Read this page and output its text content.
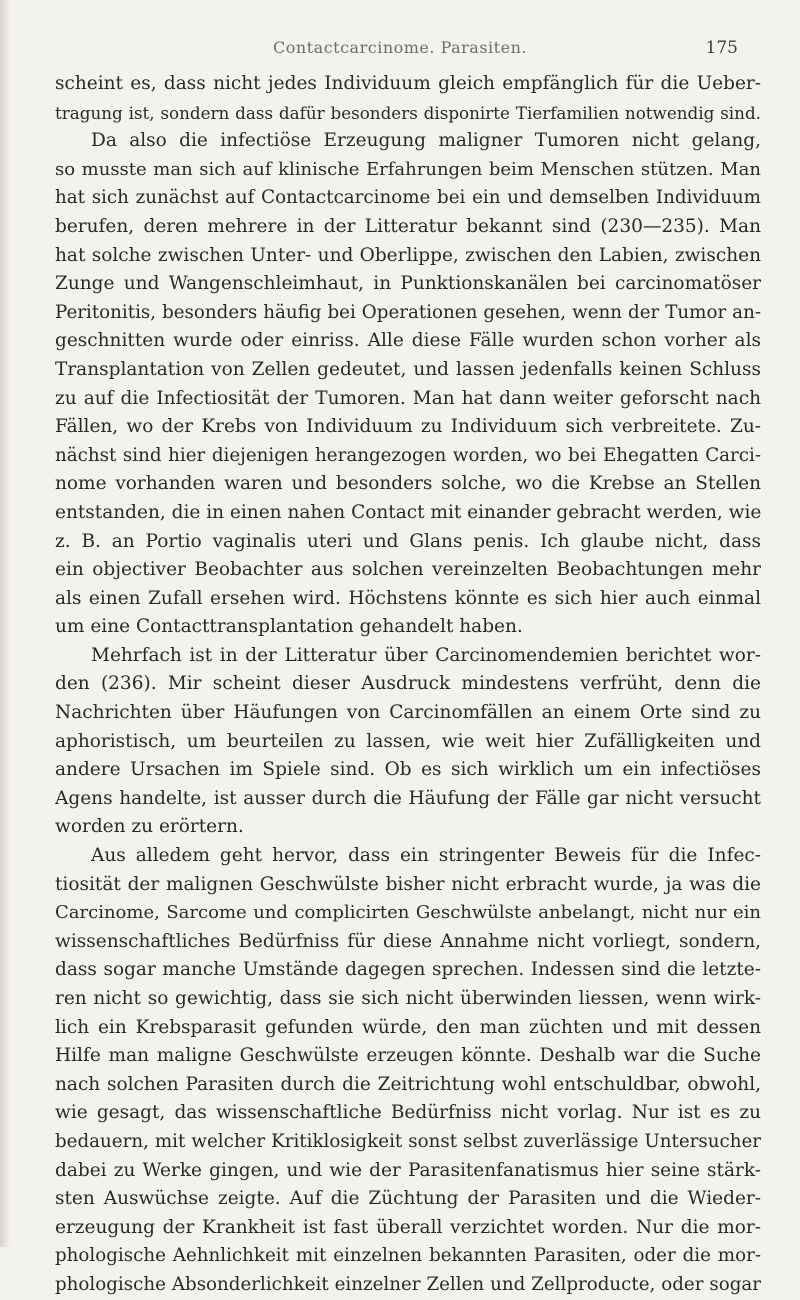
Contactcarcinome. Parasiten.	175
scheint es, dass nicht jedes Individuum gleich empfänglich für die Ueber-
tragung ist, sondern dass dafür besonders disponirte Tierfamilien notwendig sind.
Da also die infectiöse Erzeugung maligner Tumoren nicht gelang,
so musste man sich auf klinische Erfahrungen beim Menschen stützen. Man
hat sich zunächst auf Contactcarcinome bei ein und demselben Individuum
berufen, deren mehrere in der Litteratur bekannt sind (230—235). Man
hat solche zwischen Unter- und Oberlippe, zwischen den Labien, zwischen
Zunge und Wangenschleimhaut, in Punktionskanälen bei carcinomatöser
Peritonitis, besonders häufig bei Operationen gesehen, wenn der Tumor an-
geschnitten wurde oder einriss. Alle diese Fälle wurden schon vorher als
Transplantation von Zellen gedeutet, und lassen jedenfalls keinen Schluss
zu auf die Infectiosität der Tumoren. Man hat dann weiter geforscht nach
Fällen, wo der Krebs von Individuum zu Individuum sich verbreitete. Zu-
nächst sind hier diejenigen herangezogen worden, wo bei Ehegatten Carci-
nome vorhanden waren und besonders solche, wo die Krebse an Stellen
entstanden, die in einen nahen Contact mit einander gebracht werden, wie
z. B. an Portio vaginalis uteri und Glans penis. Ich glaube nicht, dass
ein objectiver Beobachter aus solchen vereinzelten Beobachtungen mehr
als einen Zufall ersehen wird. Höchstens könnte es sich hier auch einmal
um eine Contacttransplantation gehandelt haben.
Mehrfach ist in der Litteratur über Carcinomendemien berichtet wor-
den (236). Mir scheint dieser Ausdruck mindestens verfrüht, denn die
Nachrichten über Häufungen von Carcinomfällen an einem Orte sind zu
aphoristisch, um beurteilen zu lassen, wie weit hier Zufälligkeiten und
andere Ursachen im Spiele sind. Ob es sich wirklich um ein infectiöses
Agens handelte, ist ausser durch die Häufung der Fälle gar nicht versucht
worden zu erörtern.
Aus alledem geht hervor, dass ein stringenter Beweis für die Infec-
tiosität der malignen Geschwülste bisher nicht erbracht wurde, ja was die
Carcinome, Sarcome und complicirten Geschwülste anbelangt, nicht nur ein
wissenschaftliches Bedürfniss für diese Annahme nicht vorliegt, sondern,
dass sogar manche Umstände dagegen sprechen. Indessen sind die letzte-
ren nicht so gewichtig, dass sie sich nicht überwinden liessen, wenn wirk-
lich ein Krebsparasit gefunden würde, den man züchten und mit dessen
Hilfe man maligne Geschwülste erzeugen könnte. Deshalb war die Suche
nach solchen Parasiten durch die Zeitrichtung wohl entschuldbar, obwohl,
wie gesagt, das wissenschaftliche Bedürfniss nicht vorlag. Nur ist es zu
bedauern, mit welcher Kritiklosigkeit sonst selbst zuverlässige Untersucher
dabei zu Werke gingen, und wie der Parasitenfanatismus hier seine stärk-
sten Auswüchse zeigte. Auf die Züchtung der Parasiten und die Wieder-
erzeugung der Krankheit ist fast überall verzichtet worden. Nur die mor-
phologische Aehnlichkeit mit einzelnen bekannten Parasiten, oder die mor-
phologische Absonderlichkeit einzelner Zellen und Zellproducte, oder sogar
